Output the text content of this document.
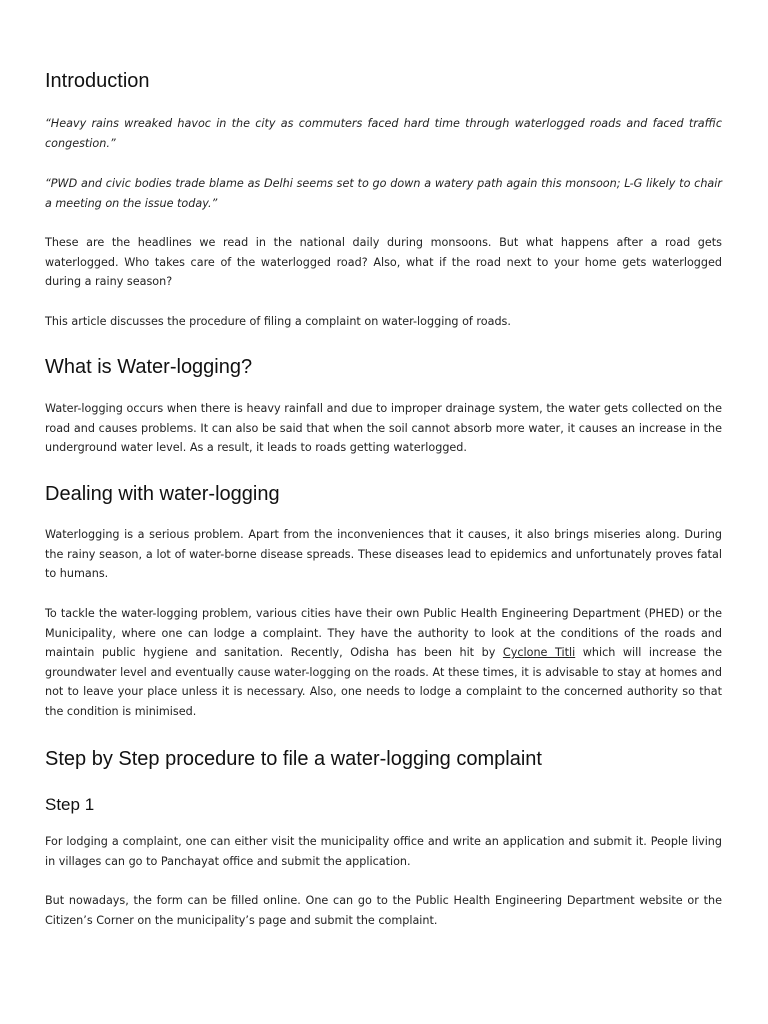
Introduction

“Heavy rains wreaked havoc in the city as commuters faced hard time through waterlogged roads and faced traffic congestion.”

“PWD and civic bodies trade blame as Delhi seems set to go down a watery path again this monsoon; L-G likely to chair a meeting on the issue today.”

These are the headlines we read in the national daily during monsoons. But what happens after a road gets waterlogged. Who takes care of the waterlogged road? Also, what if the road next to your home gets waterlogged during a rainy season?

This article discusses the procedure of filing a complaint on water-logging of roads.

What is Water-logging?

Water-logging occurs when there is heavy rainfall and due to improper drainage system, the water gets collected on the road and causes problems. It can also be said that when the soil cannot absorb more water, it causes an increase in the underground water level. As a result, it leads to roads getting waterlogged.

Dealing with water-logging

Waterlogging is a serious problem. Apart from the inconveniences that it causes, it also brings miseries along. During the rainy season, a lot of water-borne disease spreads. These diseases lead to epidemics and unfortunately proves fatal to humans.

To tackle the water-logging problem, various cities have their own Public Health Engineering Department (PHED) or the Municipality, where one can lodge a complaint. They have the authority to look at the conditions of the roads and maintain public hygiene and sanitation. Recently, Odisha has been hit by Cyclone Titli which will increase the groundwater level and eventually cause water-logging on the roads. At these times, it is advisable to stay at homes and not to leave your place unless it is necessary. Also, one needs to lodge a complaint to the concerned authority so that the condition is minimised.

Step by Step procedure to file a water-logging complaint
Step 1

For lodging a complaint, one can either visit the municipality office and write an application and submit it. People living in villages can go to Panchayat office and submit the application.

But nowadays, the form can be filled online. One can go to the Public Health Engineering Department website or the Citizen’s Corner on the municipality’s page and submit the complaint.
